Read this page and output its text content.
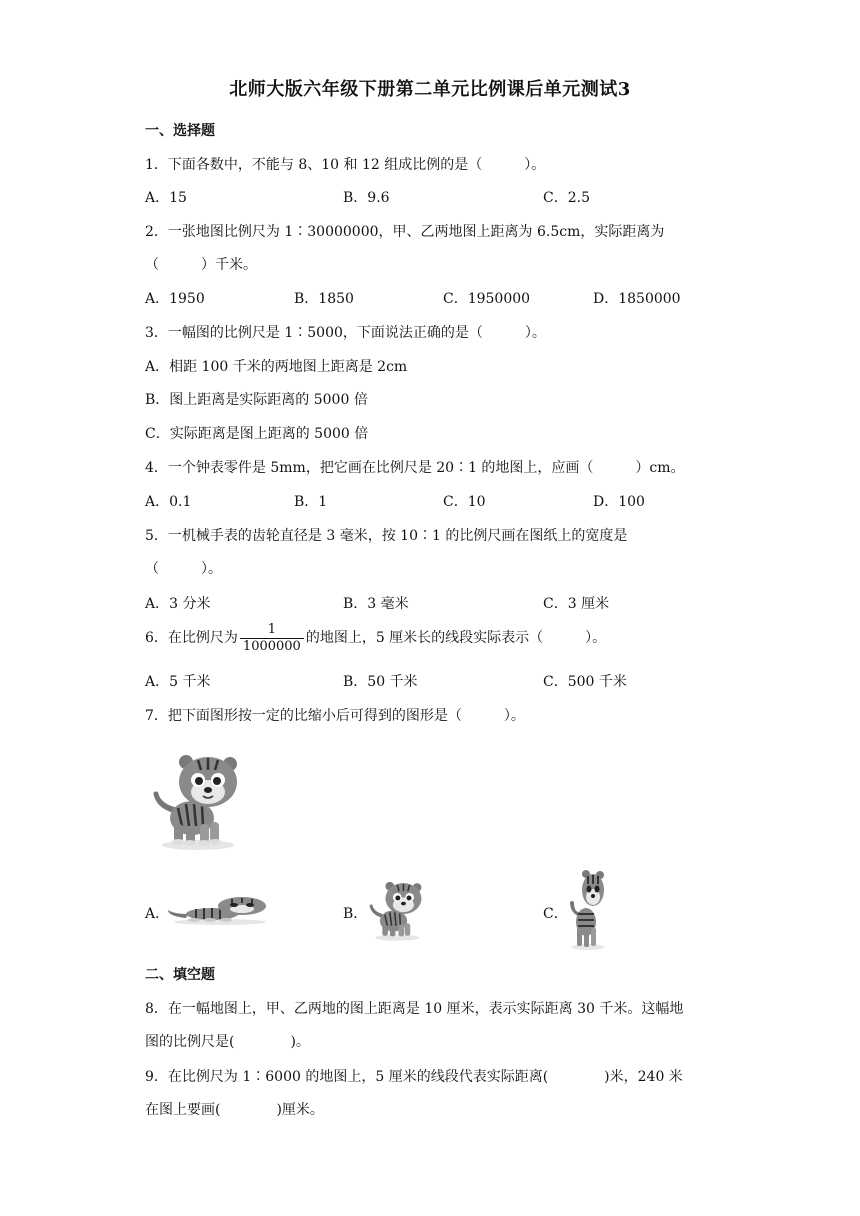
北师大版六年级下册第二单元比例课后单元测试3
一、选择题
1．下面各数中，不能与 8、10 和 12 组成比例的是（　　　）。
A．15	B．9.6	C．2.5
2．一张地图比例尺为 1∶30000000，甲、乙两地图上距离为 6.5cm，实际距离为
（　　　）千米。
A．1950	B．1850	C．1950000	D．1850000
3．一幅图的比例尺是 1∶5000，下面说法正确的是（　　　）。
A．相距 100 千米的两地图上距离是 2cm
B．图上距离是实际距离的 5000 倍
C．实际距离是图上距离的 5000 倍
4．一个钟表零件是 5mm，把它画在比例尺是 20∶1 的地图上，应画（　　　）cm。
A．0.1	B．1	C．10	D．100
5．一机械手表的齿轮直径是 3 毫米，按 10∶1 的比例尺画在图纸上的宽度是
（　　　）。
A．3 分米	B．3 毫米	C．3 厘米
6．在比例尺为 $\frac{1}{1000000}$ 的地图上，5 厘米长的线段实际表示（　　　）。
A．5 千米	B．50 千米	C．500 千米
7．把下面图形按一定的比缩小后可得到的图形是（　　　）。
A．	B．	C．
二、填空题
8．在一幅地图上，甲、乙两地的图上距离是 10 厘米，表示实际距离 30 千米。这幅地
图的比例尺是(　　　　)。
9．在比例尺为 1∶6000 的地图上，5 厘米的线段代表实际距离(　　　　)米，240 米
在图上要画(　　　　)厘米。
